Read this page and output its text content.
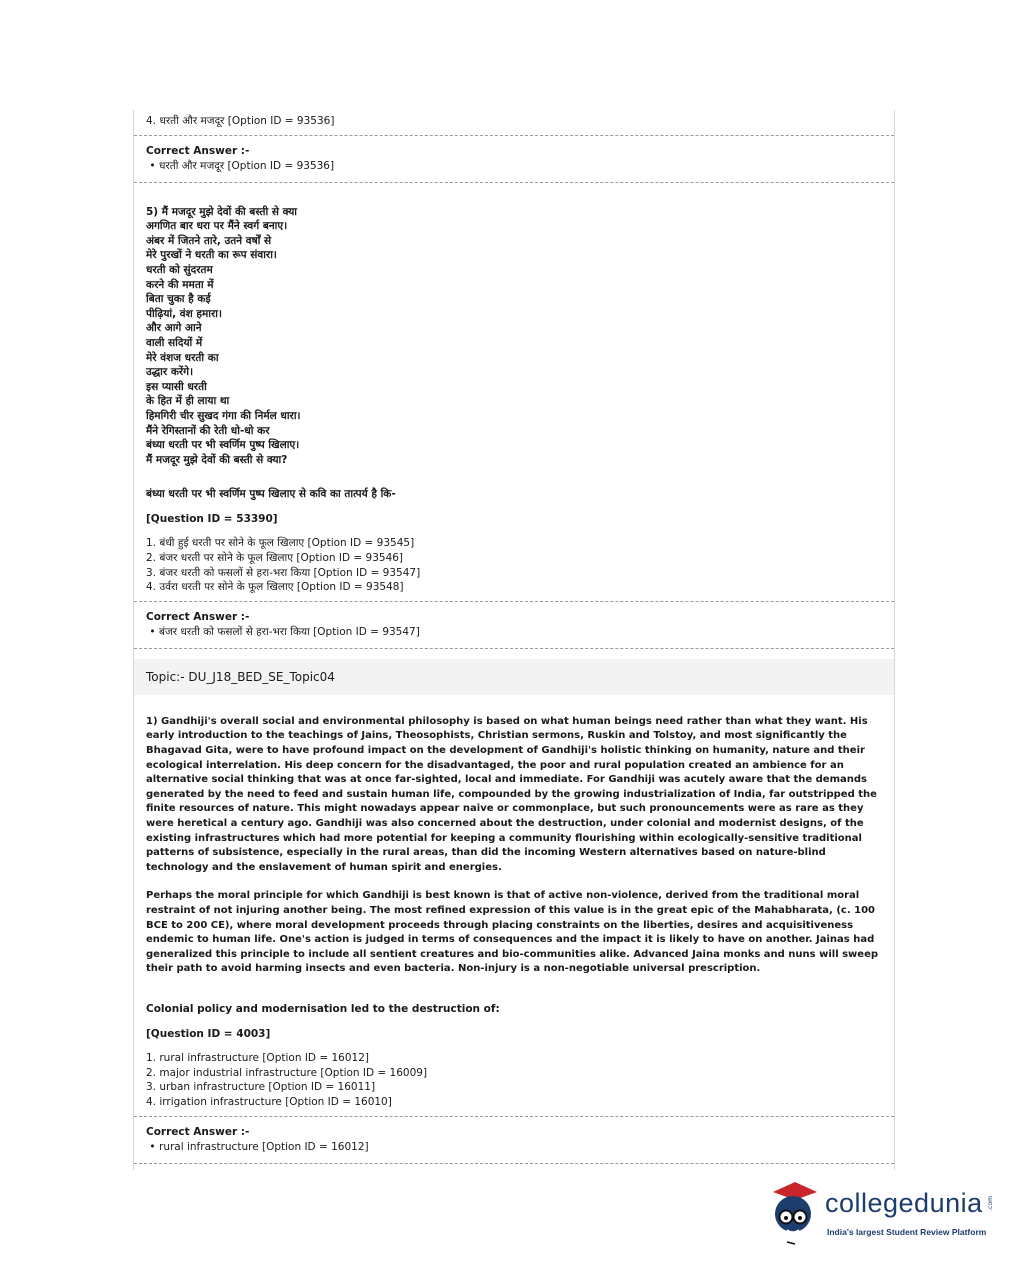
4. धरती और मजदूर [Option ID = 93536]
Correct Answer :-
• धरती और मजदूर [Option ID = 93536]
5) मैं मजदूर मुझे देवों की बस्ती से क्या
अगणित बार धरा पर मैंने स्वर्ग बनाए।
अंबर में जितने तारे, उतने वर्षों से
मेरे पुरखों ने धरती का रूप संवारा।
धरती को सुंदरतम
करने की ममता में
बिता चुका है कई
पीढ़ियां, वंश हमारा।
और आगे आने
वाली सदियों में
मेरे वंशज धरती का
उद्धार करेंगे।
इस प्यासी धरती
के हित में ही लाया था
हिमगिरी चीर सुखद गंगा की निर्मल धारा।
मैंने रेगिस्तानों की रेती धो-धो कर
बंध्या धरती पर भी स्वर्णिम पुष्प खिलाए।
मैं मजदूर मुझे देवों की बस्ती से क्या?
बंध्या धरती पर भी स्वर्णिम पुष्प खिलाए से कवि का तात्पर्य है कि-
[Question ID = 53390]
1. बंधी हुई धरती पर सोने के फूल खिलाए [Option ID = 93545]
2. बंजर धरती पर सोने के फूल खिलाए [Option ID = 93546]
3. बंजर धरती को फसलों से हरा-भरा किया [Option ID = 93547]
4. उर्वरा धरती पर सोने के फूल खिलाए [Option ID = 93548]
Correct Answer :-
• बंजर धरती को फसलों से हरा-भरा किया [Option ID = 93547]
Topic:- DU_J18_BED_SE_Topic04

1) Gandhiji's overall social and environmental philosophy is based on what human beings need rather than what they want. His early introduction to the teachings of Jains, Theosophists, Christian sermons, Ruskin and Tolstoy, and most significantly the Bhagavad Gita, were to have profound impact on the development of Gandhiji's holistic thinking on humanity, nature and their ecological interrelation. His deep concern for the disadvantaged, the poor and rural population created an ambience for an alternative social thinking that was at once far-sighted, local and immediate. For Gandhiji was acutely aware that the demands generated by the need to feed and sustain human life, compounded by the growing industrialization of India, far outstripped the finite resources of nature. This might nowadays appear naive or commonplace, but such pronouncements were as rare as they were heretical a century ago. Gandhiji was also concerned about the destruction, under colonial and modernist designs, of the existing infrastructures which had more potential for keeping a community flourishing within ecologically-sensitive traditional patterns of subsistence, especially in the rural areas, than did the incoming Western alternatives based on nature-blind technology and the enslavement of human spirit and energies.

Perhaps the moral principle for which Gandhiji is best known is that of active non-violence, derived from the traditional moral restraint of not injuring another being. The most refined expression of this value is in the great epic of the Mahabharata, (c. 100 BCE to 200 CE), where moral development proceeds through placing constraints on the liberties, desires and acquisitiveness endemic to human life. One's action is judged in terms of consequences and the impact it is likely to have on another. Jainas had generalized this principle to include all sentient creatures and bio-communities alike. Advanced Jaina monks and nuns will sweep their path to avoid harming insects and even bacteria. Non-injury is a non-negotiable universal prescription.

Colonial policy and modernisation led to the destruction of:
[Question ID = 4003]
1. rural infrastructure [Option ID = 16012]
2. major industrial infrastructure [Option ID = 16009]
3. urban infrastructure [Option ID = 16011]
4. irrigation infrastructure [Option ID = 16010]
Correct Answer :-
• rural infrastructure [Option ID = 16012]
collegedunia .com
India's largest Student Review Platform
